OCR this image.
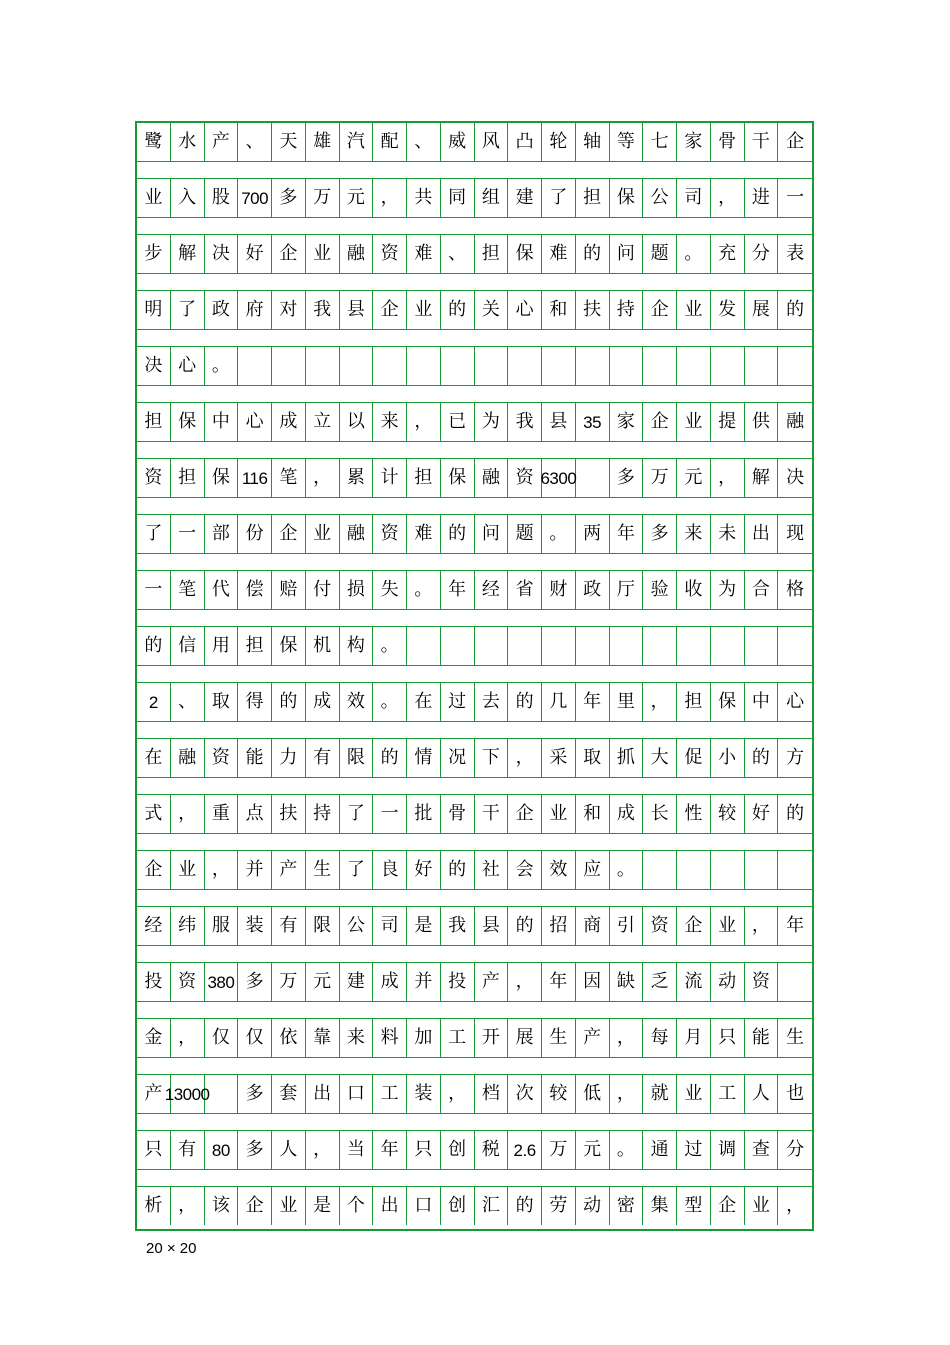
鹭 水 产 、 天 雄 汽 配 、 威 风 凸 轮 轴 等 七 家 骨 干 企
业 入 股 700 多 万 元 ， 共 同 组 建 了 担 保 公 司 ， 进 一
步 解 决 好 企 业 融 资 难 、 担 保 难 的 问 题 。 充 分 表
明 了 政 府 对 我 县 企 业 的 关 心 和 扶 持 企 业 发 展 的
决 心 。
担 保 中 心 成 立 以 来 ， 已 为 我 县 35 家 企 业 提 供 融
资 担 保 116 笔 ， 累 计 担 保 融 资 6300	多 万 元 ， 解 决
了 一 部 份 企 业 融 资 难 的 问 题 。 两 年 多 来 未 出 现
一 笔 代 偿 赔 付 损 失 。 年 经 省 财 政 厅 验 收 为 合 格
的 信 用 担 保 机 构 。
2	、 取 得 的 成 效 。 在 过 去 的 几 年 里 ， 担 保 中 心
在 融 资 能 力 有 限 的 情 况 下 ， 采 取 抓 大 促 小 的 方
式 ， 重 点 扶 持 了 一 批 骨 干 企 业 和 成 长 性 较 好 的
企 业 ， 并 产 生 了 良 好 的 社 会 效 应 。
经 纬 服 装 有 限 公 司 是 我 县 的 招 商 引 资 企 业 ， 年
投 资 380 多 万 元 建 成 并 投 产 ， 年 因 缺 乏 流 动 资
金 ， 仅 仅 依 靠 来 料 加 工 开 展 生 产 ， 每 月 只 能 生
产 13000	多 套 出 口 工 装 ， 档 次 较 低 ， 就 业 工 人 也
只 有 80 多 人 ， 当 年 只 创 税 2.6 万 元 。 通 过 调 查 分
析 ， 该 企 业 是 个 出 口 创 汇 的 劳 动 密 集 型 企 业 ，
20 × 20
